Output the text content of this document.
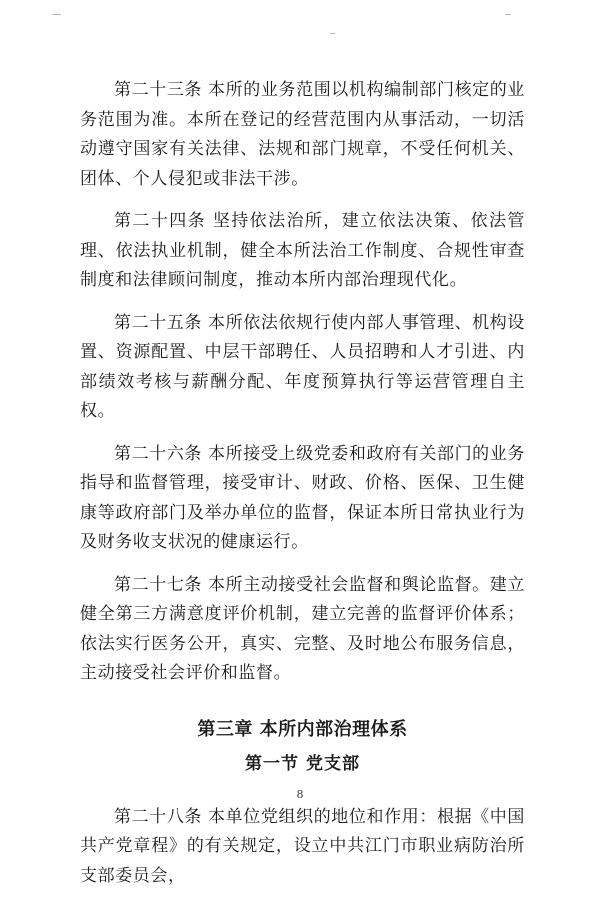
第二十三条 本所的业务范围以机构编制部门核定的业务范围为准。本所在登记的经营范围内从事活动，一切活动遵守国家有关法律、法规和部门规章，不受任何机关、团体、个人侵犯或非法干涉。

第二十四条 坚持依法治所，建立依法决策、依法管理、依法执业机制，健全本所法治工作制度、合规性审查制度和法律顾问制度，推动本所内部治理现代化。

第二十五条 本所依法依规行使内部人事管理、机构设置、资源配置、中层干部聘任、人员招聘和人才引进、内部绩效考核与薪酬分配、年度预算执行等运营管理自主权。

第二十六条 本所接受上级党委和政府有关部门的业务指导和监督管理，接受审计、财政、价格、医保、卫生健康等政府部门及举办单位的监督，保证本所日常执业行为及财务收支状况的健康运行。

第二十七条 本所主动接受社会监督和舆论监督。建立健全第三方满意度评价机制，建立完善的监督评价体系；依法实行医务公开，真实、完整、及时地公布服务信息，主动接受社会评价和监督。

第三章 本所内部治理体系
第一节 党支部

第二十八条 本单位党组织的地位和作用：根据《中国共产党章程》的有关规定，设立中共江门市职业病防治所支部委员会，

8
